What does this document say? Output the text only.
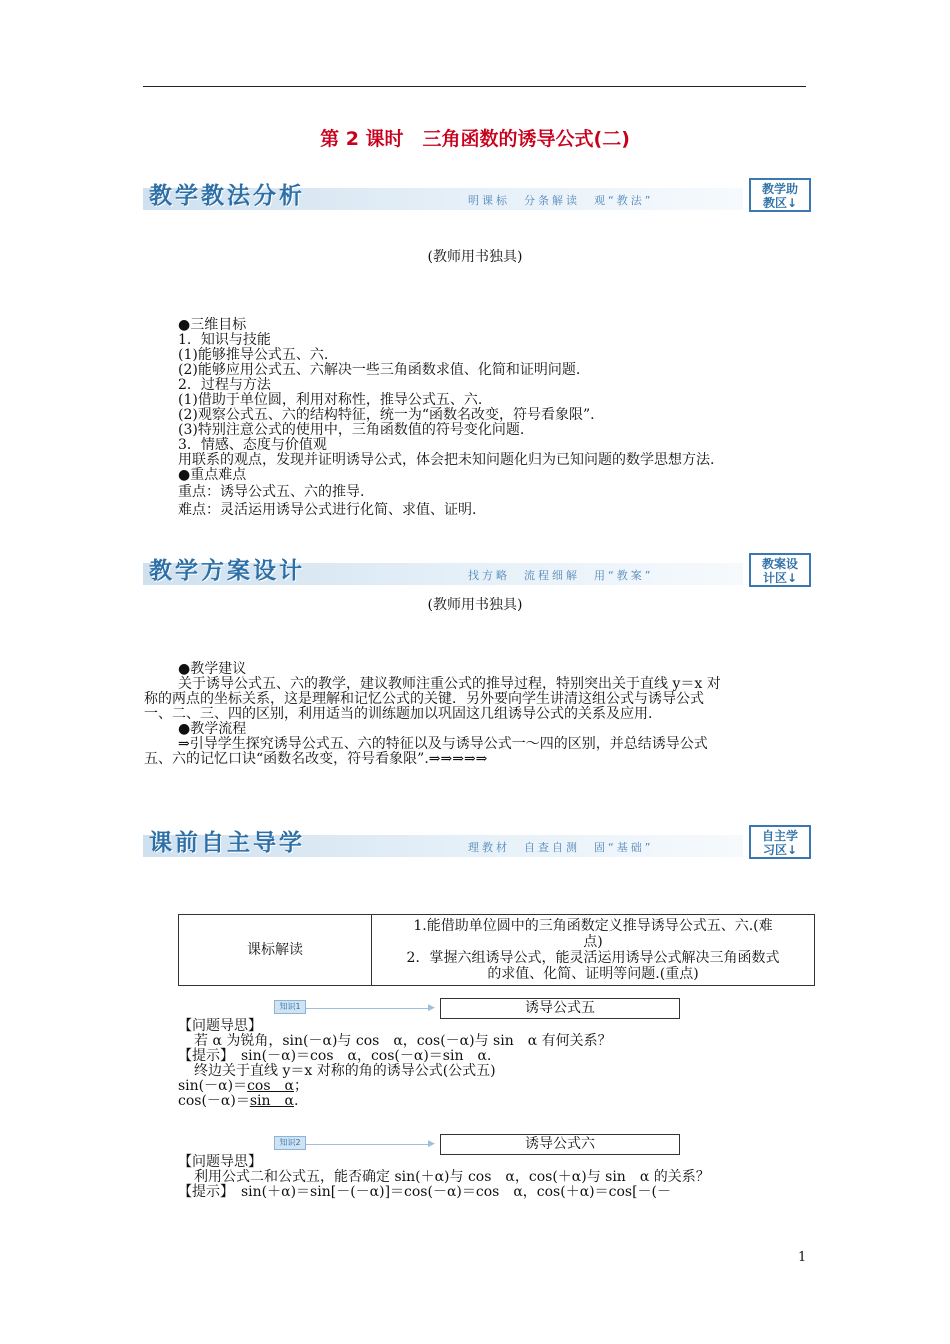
第 2 课时　三角函数的诱导公式(二)
教学教法分析	明课标　分条解读　观“教法”
教学助
教区↓
(教师用书独具)
●三维目标
1．知识与技能
(1)能够推导公式五、六.
(2)能够应用公式五、六解决一些三角函数求值、化简和证明问题.
2．过程与方法
(1)借助于单位圆，利用对称性，推导公式五、六.
(2)观察公式五、六的结构特征，统一为“函数名改变，符号看象限”.
(3)特别注意公式的使用中，三角函数值的符号变化问题.
3．情感、态度与价值观
用联系的观点，发现并证明诱导公式，体会把未知问题化归为已知问题的数学思想方法.
●重点难点
重点：诱导公式五、六的推导.
难点：灵活运用诱导公式进行化简、求值、证明.
教学方案设计	找方略　流程细解　用“教案”
教案设
计区↓
(教师用书独具)
●教学建议
关于诱导公式五、六的教学，建议教师注重公式的推导过程，特别突出关于直线 y＝x 对
称的两点的坐标关系，这是理解和记忆公式的关键．另外要向学生讲清这组公式与诱导公式
一、二、三、四的区别，利用适当的训练题加以巩固这几组诱导公式的关系及应用.
●教学流程
⇒引导学生探究诱导公式五、六的特征以及与诱导公式一～四的区别，并总结诱导公式
五、六的记忆口诀“函数名改变，符号看象限”.⇒⇒⇒⇒⇒
课前自主导学	理教材　自查自测　固“基础”
自主学
习区↓
课标解读	
1.能借助单位圆中的三角函数定义推导诱导公式五、六.(难
点)
2．掌握六组诱导公式，能灵活运用诱导公式解决三角函数式
的求值、化简、证明等问题.(重点)
知识1	▶	诱导公式五
【问题导思】
若 α 为锐角，sin(－α)与 cos　α，cos(－α)与 sin　α 有何关系？
【提示】　sin(－α)＝cos　α，cos(－α)＝sin　α.
终边关于直线 y＝x 对称的角的诱导公式(公式五)
sin(－α)＝cos　α；
cos(－α)＝sin　α.
知识2	▶	诱导公式六
【问题导思】
利用公式二和公式五，能否确定 sin(＋α)与 cos　α，cos(＋α)与 sin　α 的关系？
【提示】　sin(＋α)＝sin[－(－α)]＝cos(－α)＝cos　α，cos(＋α)＝cos[－(－
1
